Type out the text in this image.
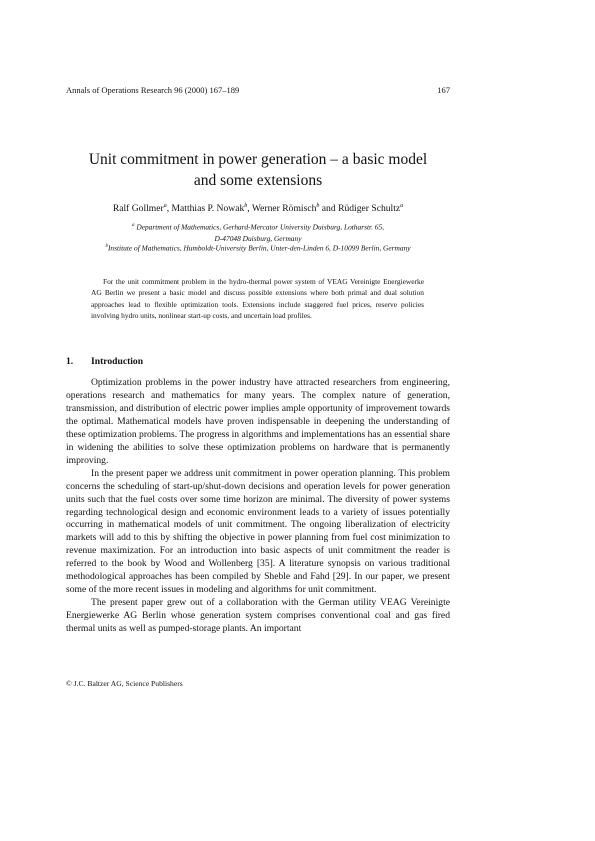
Annals of Operations Research 96 (2000) 167–189	167
Unit commitment in power generation – a basic model
and some extensions
Ralf Gollmer$^a$, Matthias P. Nowak$^b$, Werner Römisch$^b$ and Rüdiger Schultz$^a$
$^a$ Department of Mathematics, Gerhard-Mercator University Duisburg, Lotharstr. 65,
D-47048 Duisburg, Germany
$^b$Institute of Mathematics, Humboldt-University Berlin, Unter-den-Linden 6, D-10099 Berlin, Germany
For the unit commitment problem in the hydro-thermal power system of VEAG Vereinigte Energiewerke AG Berlin we present a basic model and discuss possible extensions where both primal and dual solution approaches lead to flexible optimization tools. Extensions include staggered fuel prices, reserve policies involving hydro units, nonlinear start-up costs, and uncertain load profiles.
1. Introduction

Optimization problems in the power industry have attracted researchers from engineering, operations research and mathematics for many years. The complex nature of generation, transmission, and distribution of electric power implies ample opportunity of improvement towards the optimal. Mathematical models have proven indispensable in deepening the understanding of these optimization problems. The progress in algorithms and implementations has an essential share in widening the abilities to solve these optimization problems on hardware that is permanently improving.

In the present paper we address unit commitment in power operation planning. This problem concerns the scheduling of start-up/shut-down decisions and operation levels for power generation units such that the fuel costs over some time horizon are minimal. The diversity of power systems regarding technological design and economic environment leads to a variety of issues potentially occurring in mathematical models of unit commitment. The ongoing liberalization of electricity markets will add to this by shifting the objective in power planning from fuel cost minimization to revenue maximization. For an introduction into basic aspects of unit commitment the reader is referred to the book by Wood and Wollenberg [35]. A literature synopsis on various traditional methodological approaches has been compiled by Sheble and Fahd [29]. In our paper, we present some of the more recent issues in modeling and algorithms for unit commitment.

The present paper grew out of a collaboration with the German utility VEAG Vereinigte Energiewerke AG Berlin whose generation system comprises conventional coal and gas fired thermal units as well as pumped-storage plants. An important

© J.C. Baltzer AG, Science Publishers
